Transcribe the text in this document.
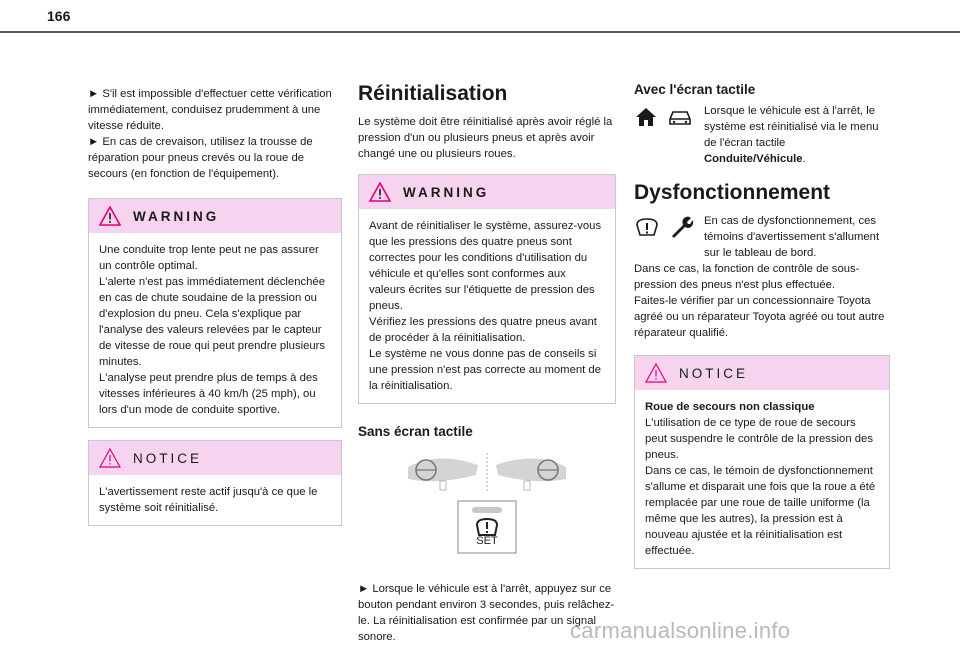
166

► S'il est impossible d'effectuer cette vérification immédiatement, conduisez prudemment à une vitesse réduite.

► En cas de crevaison, utilisez la trousse de réparation pour pneus crevés ou la roue de secours (en fonction de l'équipement).

WARNING

Une conduite trop lente peut ne pas assurer un contrôle optimal.

L'alerte n'est pas immédiatement déclenchée en cas de chute soudaine de la pression ou d'explosion du pneu. Cela s'explique par l'analyse des valeurs relevées par le capteur de vitesse de roue qui peut prendre plusieurs minutes.

L'analyse peut prendre plus de temps à des vitesses inférieures à 40 km/h (25 mph), ou lors d'un mode de conduite sportive.

NOTICE

L'avertissement reste actif jusqu'à ce que le système soit réinitialisé.

Réinitialisation

Le système doit être réinitialisé après avoir réglé la pression d'un ou plusieurs pneus et après avoir changé une ou plusieurs roues.

WARNING

Avant de réinitialiser le système, assurez-vous que les pressions des quatre pneus sont correctes pour les conditions d'utilisation du véhicule et qu'elles sont conformes aux valeurs écrites sur l'étiquette de pression des pneus.

Vérifiez les pressions des quatre pneus avant de procéder à la réinitialisation.

Le système ne vous donne pas de conseils si une pression n'est pas correcte au moment de la réinitialisation.

Sans écran tactile
SET

► Lorsque le véhicule est à l'arrêt, appuyez sur ce bouton pendant environ 3 secondes, puis relâchez-le. La réinitialisation est confirmée par un signal sonore.

Avec l'écran tactile

Lorsque le véhicule est à l'arrêt, le système est réinitialisé via le menu de l'écran tactile Conduite/Véhicule.

Dysfonctionnement

En cas de dysfonctionnement, ces témoins d'avertissement s'allument sur le tableau de bord.

Dans ce cas, la fonction de contrôle de sous-pression des pneus n'est plus effectuée.

Faites-le vérifier par un concessionnaire Toyota agréé ou un réparateur Toyota agréé ou tout autre réparateur qualifié.

NOTICE

Roue de secours non classique

L'utilisation de ce type de roue de secours peut suspendre le contrôle de la pression des pneus.

Dans ce cas, le témoin de dysfonctionnement s'allume et disparait une fois que la roue a été remplacée par une roue de taille uniforme (la même que les autres), la pression est à nouveau ajustée et la réinitialisation est effectuée.

carmanualsonline.info
